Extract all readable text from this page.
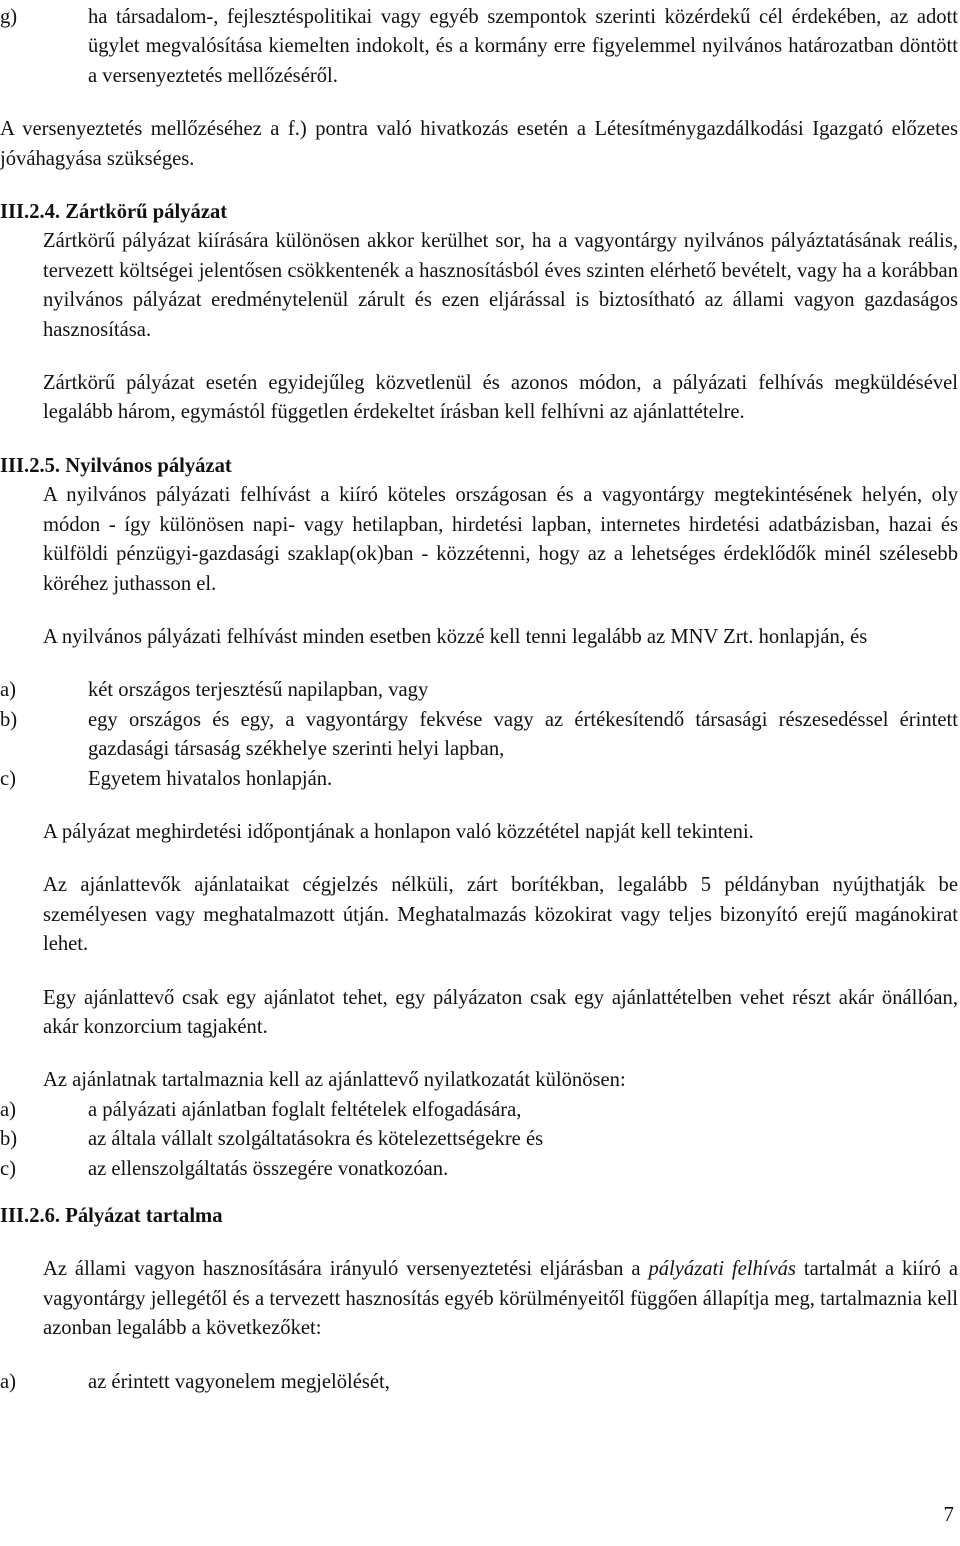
g)	ha társadalom-, fejlesztéspolitikai vagy egyéb szempontok szerinti közérdekű cél érdekében, az adott ügylet megvalósítása kiemelten indokolt, és a kormány erre figyelemmel nyilvános határozatban döntött a versenyeztetés mellőzéséről.

A versenyeztetés mellőzéséhez a f.) pontra való hivatkozás esetén a Létesítménygazdálkodási Igazgató előzetes jóváhagyása szükséges.

III.2.4. Zártkörű pályázat

Zártkörű pályázat kiírására különösen akkor kerülhet sor, ha a vagyontárgy nyilvános pályáztatásának reális, tervezett költségei jelentősen csökkentenék a hasznosításból éves szinten elérhető bevételt, vagy ha a korábban nyilvános pályázat eredménytelenül zárult és ezen eljárással is biztosítható az állami vagyon gazdaságos hasznosítása.

Zártkörű pályázat esetén egyidejűleg közvetlenül és azonos módon, a pályázati felhívás megküldésével legalább három, egymástól független érdekeltet írásban kell felhívni az ajánlattételre.

III.2.5. Nyilvános pályázat

A nyilvános pályázati felhívást a kiíró köteles országosan és a vagyontárgy megtekintésének helyén, oly módon - így különösen napi- vagy hetilapban, hirdetési lapban, internetes hirdetési adatbázisban, hazai és külföldi pénzügyi-gazdasági szaklap(ok)ban - közzétenni, hogy az a lehetséges érdeklődők minél szélesebb köréhez juthasson el.

A nyilvános pályázati felhívást minden esetben közzé kell tenni legalább az MNV Zrt. honlapján, és

a)	két országos terjesztésű napilapban, vagy

b)	egy országos és egy, a vagyontárgy fekvése vagy az értékesítendő társasági részesedéssel érintett gazdasági társaság székhelye szerinti helyi lapban,

c)	Egyetem hivatalos honlapján.

A pályázat meghirdetési időpontjának a honlapon való közzététel napját kell tekinteni.

Az ajánlattevők ajánlataikat cégjelzés nélküli, zárt borítékban, legalább 5 példányban nyújthatják be személyesen vagy meghatalmazott útján. Meghatalmazás közokirat vagy teljes bizonyító erejű magánokirat lehet.

Egy ajánlattevő csak egy ajánlatot tehet, egy pályázaton csak egy ajánlattételben vehet részt akár önállóan, akár konzorcium tagjaként.

Az ajánlatnak tartalmaznia kell az ajánlattevő nyilatkozatát különösen:

a)	a pályázati ajánlatban foglalt feltételek elfogadására,

b)	az általa vállalt szolgáltatásokra és kötelezettségekre és

c)	az ellenszolgáltatás összegére vonatkozóan.

III.2.6. Pályázat tartalma

Az állami vagyon hasznosítására irányuló versenyeztetési eljárásban a pályázati felhívás tartalmát a kiíró a vagyontárgy jellegétől és a tervezett hasznosítás egyéb körülményeitől függően állapítja meg, tartalmaznia kell azonban legalább a következőket:

a)	az érintett vagyonelem megjelölését,

7
